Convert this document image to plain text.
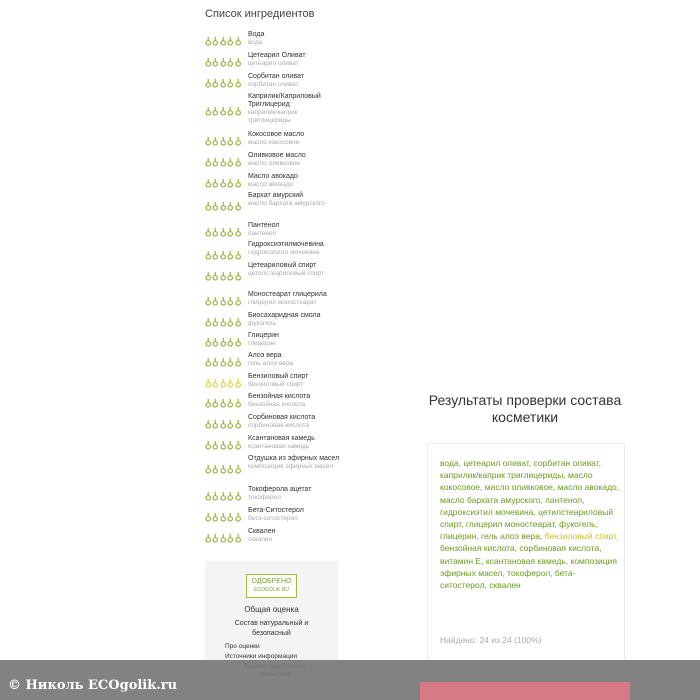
Список ингредиентов
Вода
вода
Цетеарил Оливат
цетеарил оливат
Сорбитан оливат
сорбитан оливат
Каприлик/Каприловый Триглицерид
каприлик/каприк триглицериды
Кокосовое масло
масло кокосовое
Оливковое масло
масло оливковое
Масло авокадо
масло авокадо
Бархат амурский
масло бархата амурского
Пантенол
пантенол
Гидроксиэтилмочевина
гидроксиэтил мочевина
Цетеариловый спирт
цетилстеариловый спирт
Моностеарат глицерила
глицерил моностеарат
Биосахаридная смола
фукогель
Глицерин
глицерин
Алоэ вера
гель алоэ вера
Бензиловый спирт
бензиловый спирт
Бензойная кислота
бензойная кислота
Сорбиновая кислота
сорбиновая кислота
Ксантановая камедь
ксантановая камедь
Отдушка из эфирных масел
композиция эфирных масел
Токоферола ацетат
токоферол
Бета-Ситостерол
бета-ситостерол
Сквален
сквален
ОДОБРЕНО
ECOGOLIK.RU
Общая оценка
Состав натуральный и безопасный
Про оценки
Источники информации
Результаты проверки состава косметики
вода, цетеарил оливат, сорбитан оливат, каприлик/каприк триглицериды, масло кокосовое, масло оливковое, масло авокадо, масло бархата амурского, пантенол, гидроксиэтил мочевина, цетилстеариловый спирт, глицерил моностеарат, фукогель, глицерин, гель алоэ вера, бензиловый спирт, бензойная кислота, сорбиновая кислота, витамин Е, ксантановая камедь, композиция эфирных масел, токоферол, бета-ситостерол, сквален
Найдено: 24 из 24 (100%)
© Николь ECOgolik.ru
